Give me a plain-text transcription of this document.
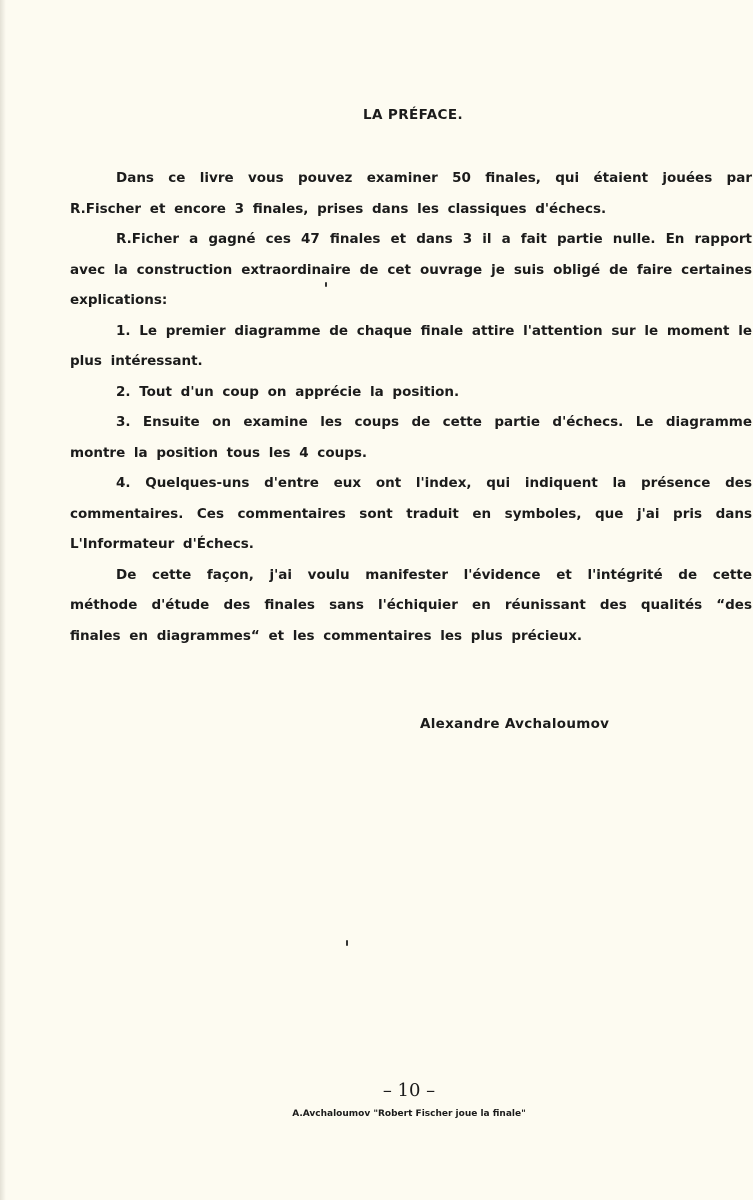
LA PRÉFACE.

Dans ce livre vous pouvez examiner 50 finales, qui étaient jouées par R.Fischer et encore 3 finales, prises dans les classiques d'échecs.

R.Ficher a gagné ces 47 finales et dans 3 il a fait partie nulle. En rapport avec la construction extraordinaire de cet ouvrage je suis obligé de faire certaines explications:

1. Le premier diagramme de chaque finale attire l'attention sur le moment le plus intéressant.

2. Tout d'un coup on apprécie la position.

3. Ensuite on examine les coups de cette partie d'échecs. Le diagramme montre la position tous les 4 coups.

4. Quelques-uns d'entre eux ont l'index, qui indiquent la présence des commentaires. Ces commentaires sont traduit en symboles, que j'ai pris dans L'Informateur d'Échecs.

De cette façon, j'ai voulu manifester l'évidence et l'intégrité de cette méthode d'étude des finales sans l'échiquier en réunissant des qualités “des finales en diagrammes“ et les commentaires les plus précieux.

Alexandre Avchaloumov
– 10 –
A.Avchaloumov "Robert Fischer joue la finale"
